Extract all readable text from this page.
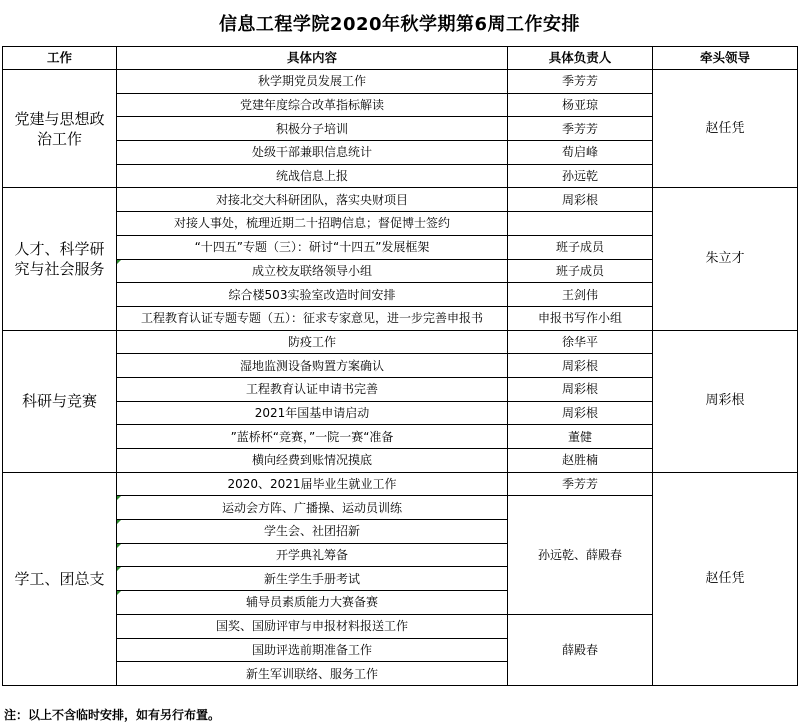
信息工程学院2020年秋学期第6周工作安排
工作	具体内容	具体负责人	牵头领导
党建与思想政治工作	秋学期党员发展工作	季芳芳	赵任凭
	党建年度综合改革指标解读	杨亚琼	
	积极分子培训	季芳芳	
	处级干部兼职信息统计	荀启峰	
	统战信息上报	孙远乾	
人才、科学研究与社会服务	对接北交大科研团队，落实央财项目	周彩根	朱立才
	对接人事处，梳理近期二十招聘信息；督促博士签约		
	“十四五”专题（三）：研讨“十四五”发展框架	班子成员	
	成立校友联络领导小组	班子成员	
	综合楼503实验室改造时间安排	王剑伟	
	工程教育认证专题专题（五）：征求专家意见，进一步完善申报书	申报书写作小组	
科研与竞赛	防疫工作	徐华平	周彩根
	湿地监测设备购置方案确认	周彩根	
	工程教育认证申请书完善	周彩根	
	2021年国基申请启动	周彩根	
	”蓝桥杯“竞赛，”一院一赛“准备	董健	
	横向经费到账情况摸底	赵胜楠	
学工、团总支	2020、2021届毕业生就业工作	季芳芳	赵任凭
	运动会方阵、广播操、运动员训练	孙远乾、薛殿春	
	学生会、社团招新		
	开学典礼筹备		
	新生学生手册考试		
	辅导员素质能力大赛备赛		
	国奖、国励评审与申报材料报送工作	薛殿春	
	国助评选前期准备工作		
	新生军训联络、服务工作		
注：以上不含临时安排，如有另行布置。
